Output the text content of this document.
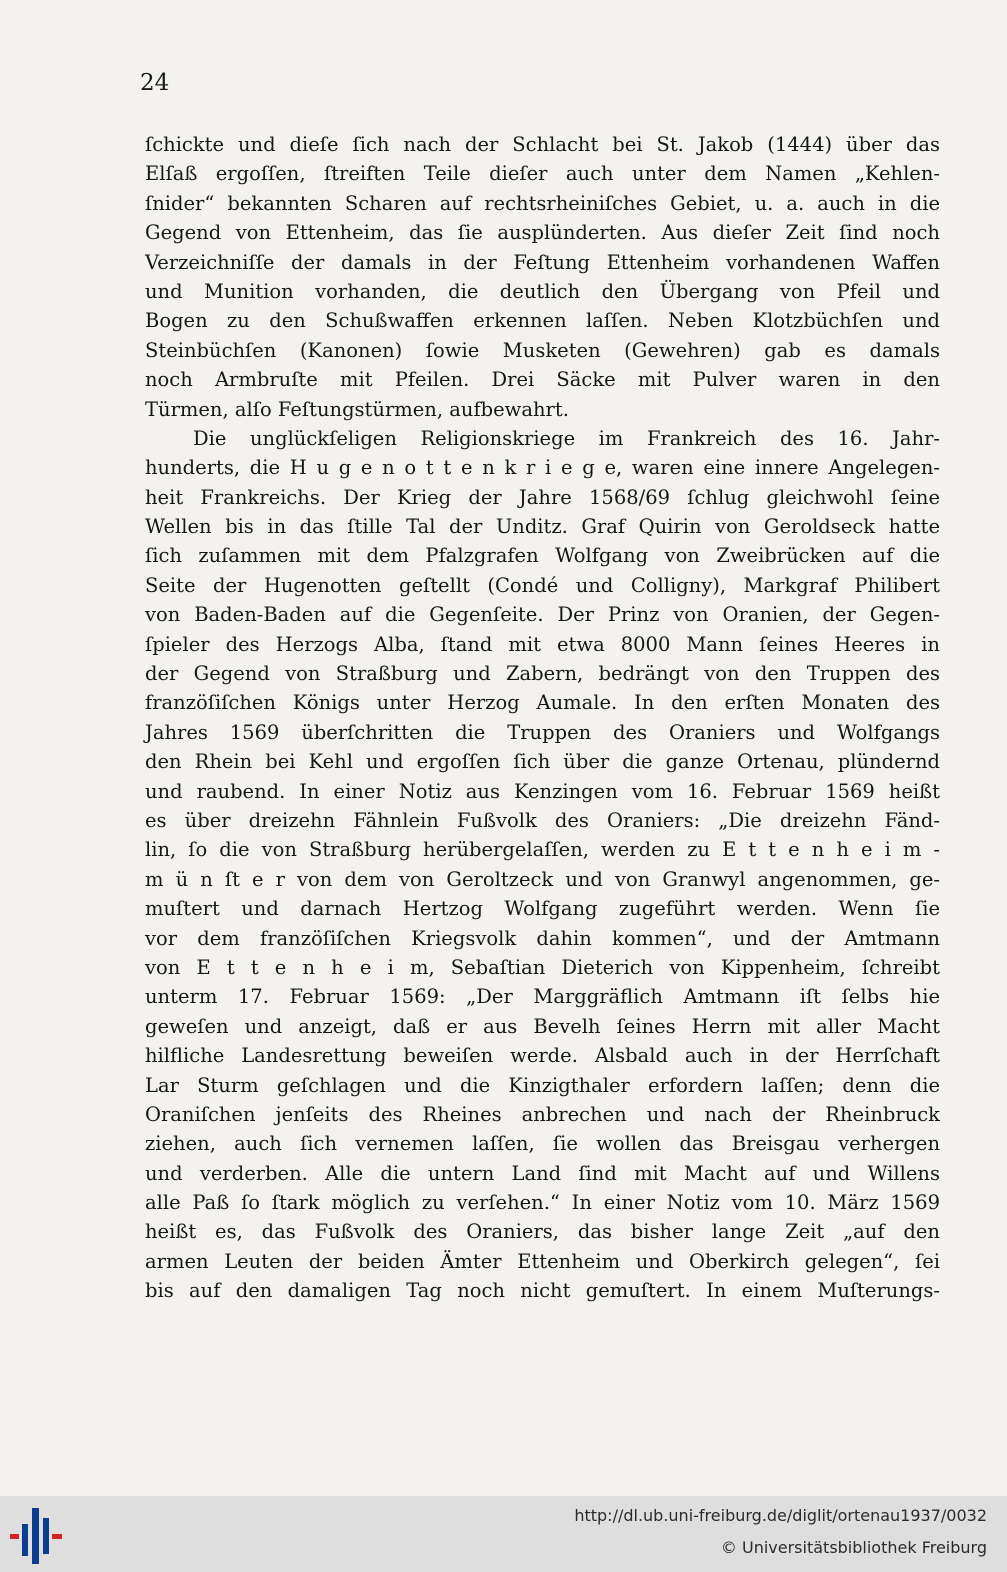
24
ſchickte und dieſe ſich nach der Schlacht bei St. Jakob (1444) über das
Elſaß ergoſſen, ſtreiften Teile dieſer auch unter dem Namen „Kehlen-
ſnider“ bekannten Scharen auf rechtsrheiniſches Gebiet, u. a. auch in die
Gegend von Ettenheim, das ſie ausplünderten. Aus dieſer Zeit ſind noch
Verzeichniſſe der damals in der Feſtung Ettenheim vorhandenen Waffen
und Munition vorhanden, die deutlich den Übergang von Pfeil und
Bogen zu den Schußwaffen erkennen laſſen. Neben Klotzbüchſen und
Steinbüchſen (Kanonen) ſowie Musketen (Gewehren) gab es damals
noch Armbruſte mit Pfeilen. Drei Säcke mit Pulver waren in den
Türmen, alſo Feſtungstürmen, aufbewahrt.
Die unglückſeligen Religionskriege im Frankreich des 16. Jahr-
hunderts, die H u g e n o t t e n k r i e g e, waren eine innere Angelegen-
heit Frankreichs. Der Krieg der Jahre 1568/69 ſchlug gleichwohl ſeine
Wellen bis in das ſtille Tal der Unditz. Graf Quirin von Geroldseck hatte
ſich zuſammen mit dem Pfalzgrafen Wolfgang von Zweibrücken auf die
Seite der Hugenotten geſtellt (Condé und Colligny), Markgraf Philibert
von Baden-Baden auf die Gegenſeite. Der Prinz von Oranien, der Gegen-
ſpieler des Herzogs Alba, ſtand mit etwa 8000 Mann ſeines Heeres in
der Gegend von Straßburg und Zabern, bedrängt von den Truppen des
franzöſiſchen Königs unter Herzog Aumale. In den erſten Monaten des
Jahres 1569 überſchritten die Truppen des Oraniers und Wolfgangs
den Rhein bei Kehl und ergoſſen ſich über die ganze Ortenau, plündernd
und raubend. In einer Notiz aus Kenzingen vom 16. Februar 1569 heißt
es über dreizehn Fähnlein Fußvolk des Oraniers: „Die dreizehn Fänd-
lin, ſo die von Straßburg herübergelaſſen, werden zu E t t e n h e i m -
m ü n ſt e r von dem von Geroltzeck und von Granwyl angenommen, ge-
muſtert und darnach Hertzog Wolfgang zugeführt werden. Wenn ſie
vor dem franzöſiſchen Kriegsvolk dahin kommen“, und der Amtmann
von E t t e n h e i m, Sebaſtian Dieterich von Kippenheim, ſchreibt
unterm 17. Februar 1569: „Der Marggräflich Amtmann iſt ſelbs hie
geweſen und anzeigt, daß er aus Bevelh ſeines Herrn mit aller Macht
hilfliche Landesrettung beweiſen werde. Alsbald auch in der Herrſchaft
Lar Sturm geſchlagen und die Kinzigthaler erfordern laſſen; denn die
Oraniſchen jenſeits des Rheines anbrechen und nach der Rheinbruck
ziehen, auch ſich vernemen laſſen, ſie wollen das Breisgau verhergen
und verderben. Alle die untern Land ſind mit Macht auf und Willens
alle Paß ſo ſtark möglich zu verſehen.“ In einer Notiz vom 10. März 1569
heißt es, das Fußvolk des Oraniers, das bisher lange Zeit „auf den
armen Leuten der beiden Ämter Ettenheim und Oberkirch gelegen“, ſei
bis auf den damaligen Tag noch nicht gemuſtert. In einem Muſterungs-
http://dl.ub.uni-freiburg.de/diglit/ortenau1937/0032
© Universitätsbibliothek Freiburg
